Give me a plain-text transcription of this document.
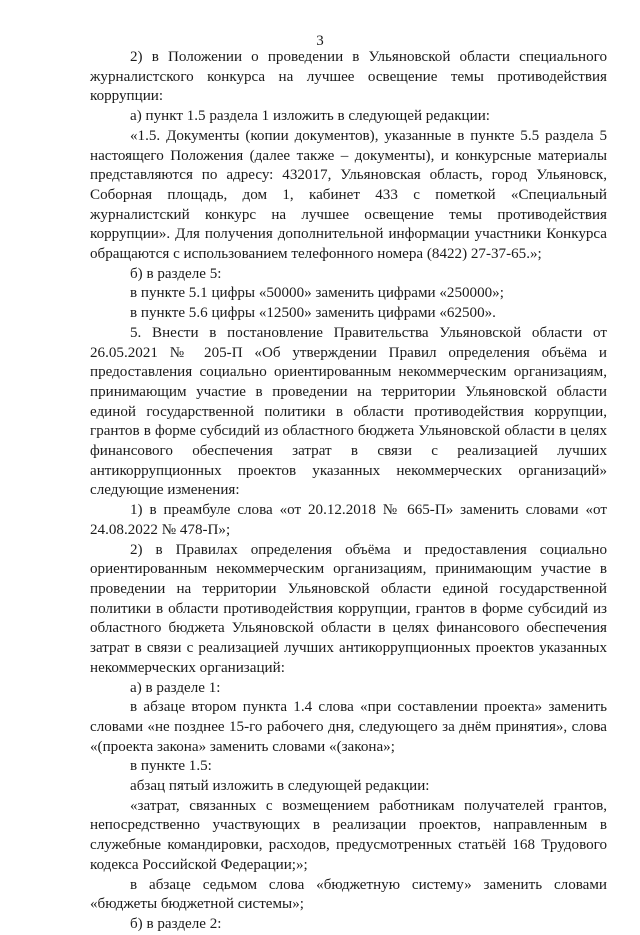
3

2) в Положении о проведении в Ульяновской области специального журналистского конкурса на лучшее освещение темы противодействия коррупции:

а) пункт 1.5 раздела 1 изложить в следующей редакции:

«1.5. Документы (копии документов), указанные в пункте 5.5 раздела 5 настоящего Положения (далее также – документы), и конкурсные материалы представляются по адресу: 432017, Ульяновская область, город Ульяновск, Соборная площадь, дом 1, кабинет 433 с пометкой «Специальный журналистский конкурс на лучшее освещение темы противодействия коррупции». Для получения дополнительной информации участники Конкурса обращаются с использованием телефонного номера (8422) 27-37-65.»;

б) в разделе 5:

в пункте 5.1 цифры «50000» заменить цифрами «250000»;

в пункте 5.6 цифры «12500» заменить цифрами «62500».

5. Внести в постановление Правительства Ульяновской области от 26.05.2021 № 205-П «Об утверждении Правил определения объёма и предоставления социально ориентированным некоммерческим организациям, принимающим участие в проведении на территории Ульяновской области единой государственной политики в области противодействия коррупции, грантов в форме субсидий из областного бюджета Ульяновской области в целях финансового обеспечения затрат в связи с реализацией лучших антикоррупционных проектов указанных некоммерческих организаций» следующие изменения:

1) в преамбуле слова «от 20.12.2018 № 665-П» заменить словами «от 24.08.2022 № 478-П»;

2) в Правилах определения объёма и предоставления социально ориентированным некоммерческим организациям, принимающим участие в проведении на территории Ульяновской области единой государственной политики в области противодействия коррупции, грантов в форме субсидий из областного бюджета Ульяновской области в целях финансового обеспечения затрат в связи с реализацией лучших антикоррупционных проектов указанных некоммерческих организаций:

а) в разделе 1:

в абзаце втором пункта 1.4 слова «при составлении проекта» заменить словами «не позднее 15-го рабочего дня, следующего за днём принятия», слова «(проекта закона» заменить словами «(закона»;

в пункте 1.5:

абзац пятый изложить в следующей редакции:

«затрат, связанных с возмещением работникам получателей грантов, непосредственно участвующих в реализации проектов, направленным в служебные командировки, расходов, предусмотренных статьёй 168 Трудового кодекса Российской Федерации;»;

в абзаце седьмом слова «бюджетную систему» заменить словами «бюджеты бюджетной системы»;

б) в разделе 2:
